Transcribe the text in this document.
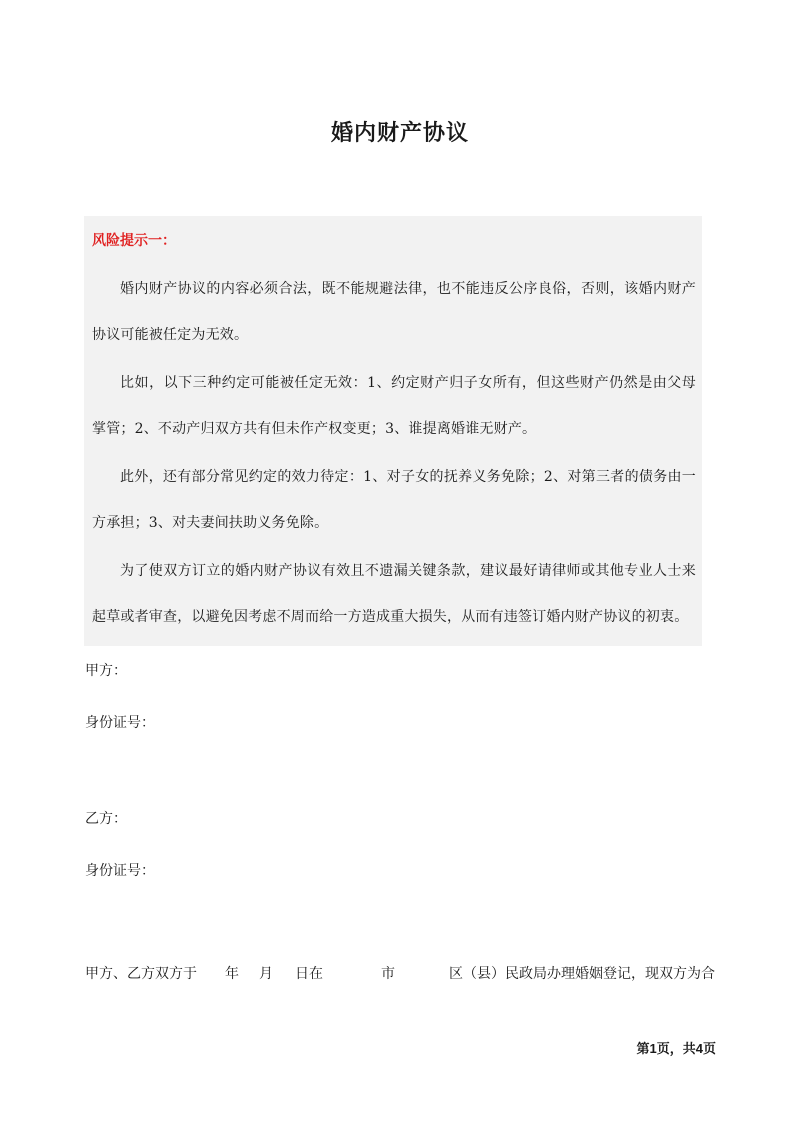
婚内财产协议
风险提示一：

婚内财产协议的内容必须合法，既不能规避法律，也不能违反公序良俗，否则，该婚内财产协议可能被任定为无效。

比如，以下三种约定可能被任定无效：1、约定财产归子女所有，但这些财产仍然是由父母掌管；2、不动产归双方共有但未作产权变更；3、谁提离婚谁无财产。

此外，还有部分常见约定的效力待定：1、对子女的抚养义务免除；2、对第三者的债务由一方承担；3、对夫妻间扶助义务免除。

为了使双方订立的婚内财产协议有效且不遗漏关键条款，建议最好请律师或其他专业人士来起草或者审查，以避免因考虑不周而给一方造成重大损失，从而有违签订婚内财产协议的初衷。

甲方：
身份证号：
乙方：
身份证号：
甲方、乙方双方于 年 月 日在	市	区（县）民政局办理婚姻登记，现双方为合
第1页，共4页
